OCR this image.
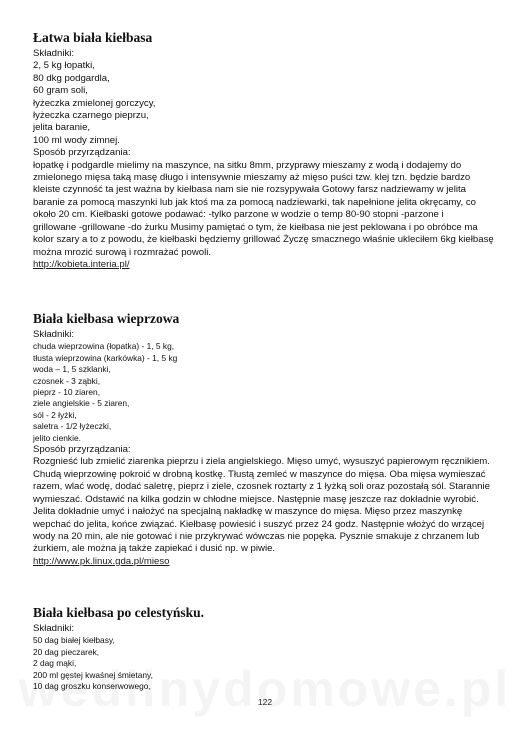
Łatwa biała kiełbasa
Składniki:
2, 5 kg łopatki,
80 dkg podgardla,
60 gram soli,
łyżeczka zmielonej gorczycy,
łyżeczka czarnego pieprzu,
jelita baranie,
100 ml wody zimnej.
Sposób przyrządzania:
łopatkę i podgardle mielimy na maszynce, na sitku 8mm, przyprawy mieszamy z wodą i dodajemy do
zmielonego mięsa taką masę długo i intensywnie mieszamy aż mięso puści tzw. klej tzn. będzie bardzo
kleiste czynność ta jest ważna by kiełbasa nam sie nie rozsypywała Gotowy farsz nadziewamy w jelita
baranie za pomocą maszynki lub jak ktoś ma za pomocą nadziewarki, tak napełnione jelita okręcamy, co
około 20 cm. Kiełbaski gotowe podawać: -tylko parzone w wodzie o temp 80-90 stopni -parzone i
grillowane -grillowane -do żurku Musimy pamiętać o tym, że kiełbasa nie jest peklowana i po obróbce ma
kolor szary a to z powodu, że kiełbaski będziemy grillować Życzę smacznego właśnie ukleciłem 6kg kiełbasę
można mrozić surową i rozmrażać powoli.
http://kobieta.interia.pl/
Biała kiełbasa wieprzowa
Składniki:
chuda wieprzowina (łopatka) - 1, 5 kg,
tłusta wieprzowina (karkówka) - 1, 5 kg
woda – 1, 5 szklanki,
czosnek - 3 ząbki,
pieprz - 10 ziaren,
ziele angielskie - 5 ziaren,
sól - 2 łyżki,
saletra - 1/2 łyżeczki,
jelito cienkie.
Sposób przyrządzania:
Rozgnieść lub zmielić ziarenka pieprzu i ziela angielskiego. Mięso umyć, wysuszyć papierowym ręcznikiem.
Chudą wieprzowinę pokroić w drobną kostkę. Tłustą zemleć w maszynce do mięsa. Oba mięsa wymieszać
razem, wlać wodę, dodać saletrę, pieprz i ziele, czosnek roztarty z 1 łyżką soli oraz pozostałą sól. Starannie
wymieszać. Odstawić na kilka godzin w chłodne miejsce. Następnie masę jeszcze raz dokładnie wyrobić.
Jelita dokładnie umyć i nałożyć na specjalną nakładkę w maszynce do mięsa. Mięso przez maszynkę
wepchać do jelita, końce związać. Kiełbasę powiesić i suszyć przez 24 godz. Następnie włożyć do wrzącej
wody na 20 min, ale nie gotować i nie przykrywać wówczas nie popęka. Pysznie smakuje z chrzanem lub
żurkiem, ale można ją także zapiekać i dusić np. w piwie.
http://www.pk.linux.gda.pl/mieso
Biała kiełbasa po celestyńsku.
Składniki:
50 dag białej kiełbasy,
20 dag pieczarek,
2 dag mąki,
200 ml gęstej kwaśnej śmietany,
10 dag groszku konserwowego,
122
